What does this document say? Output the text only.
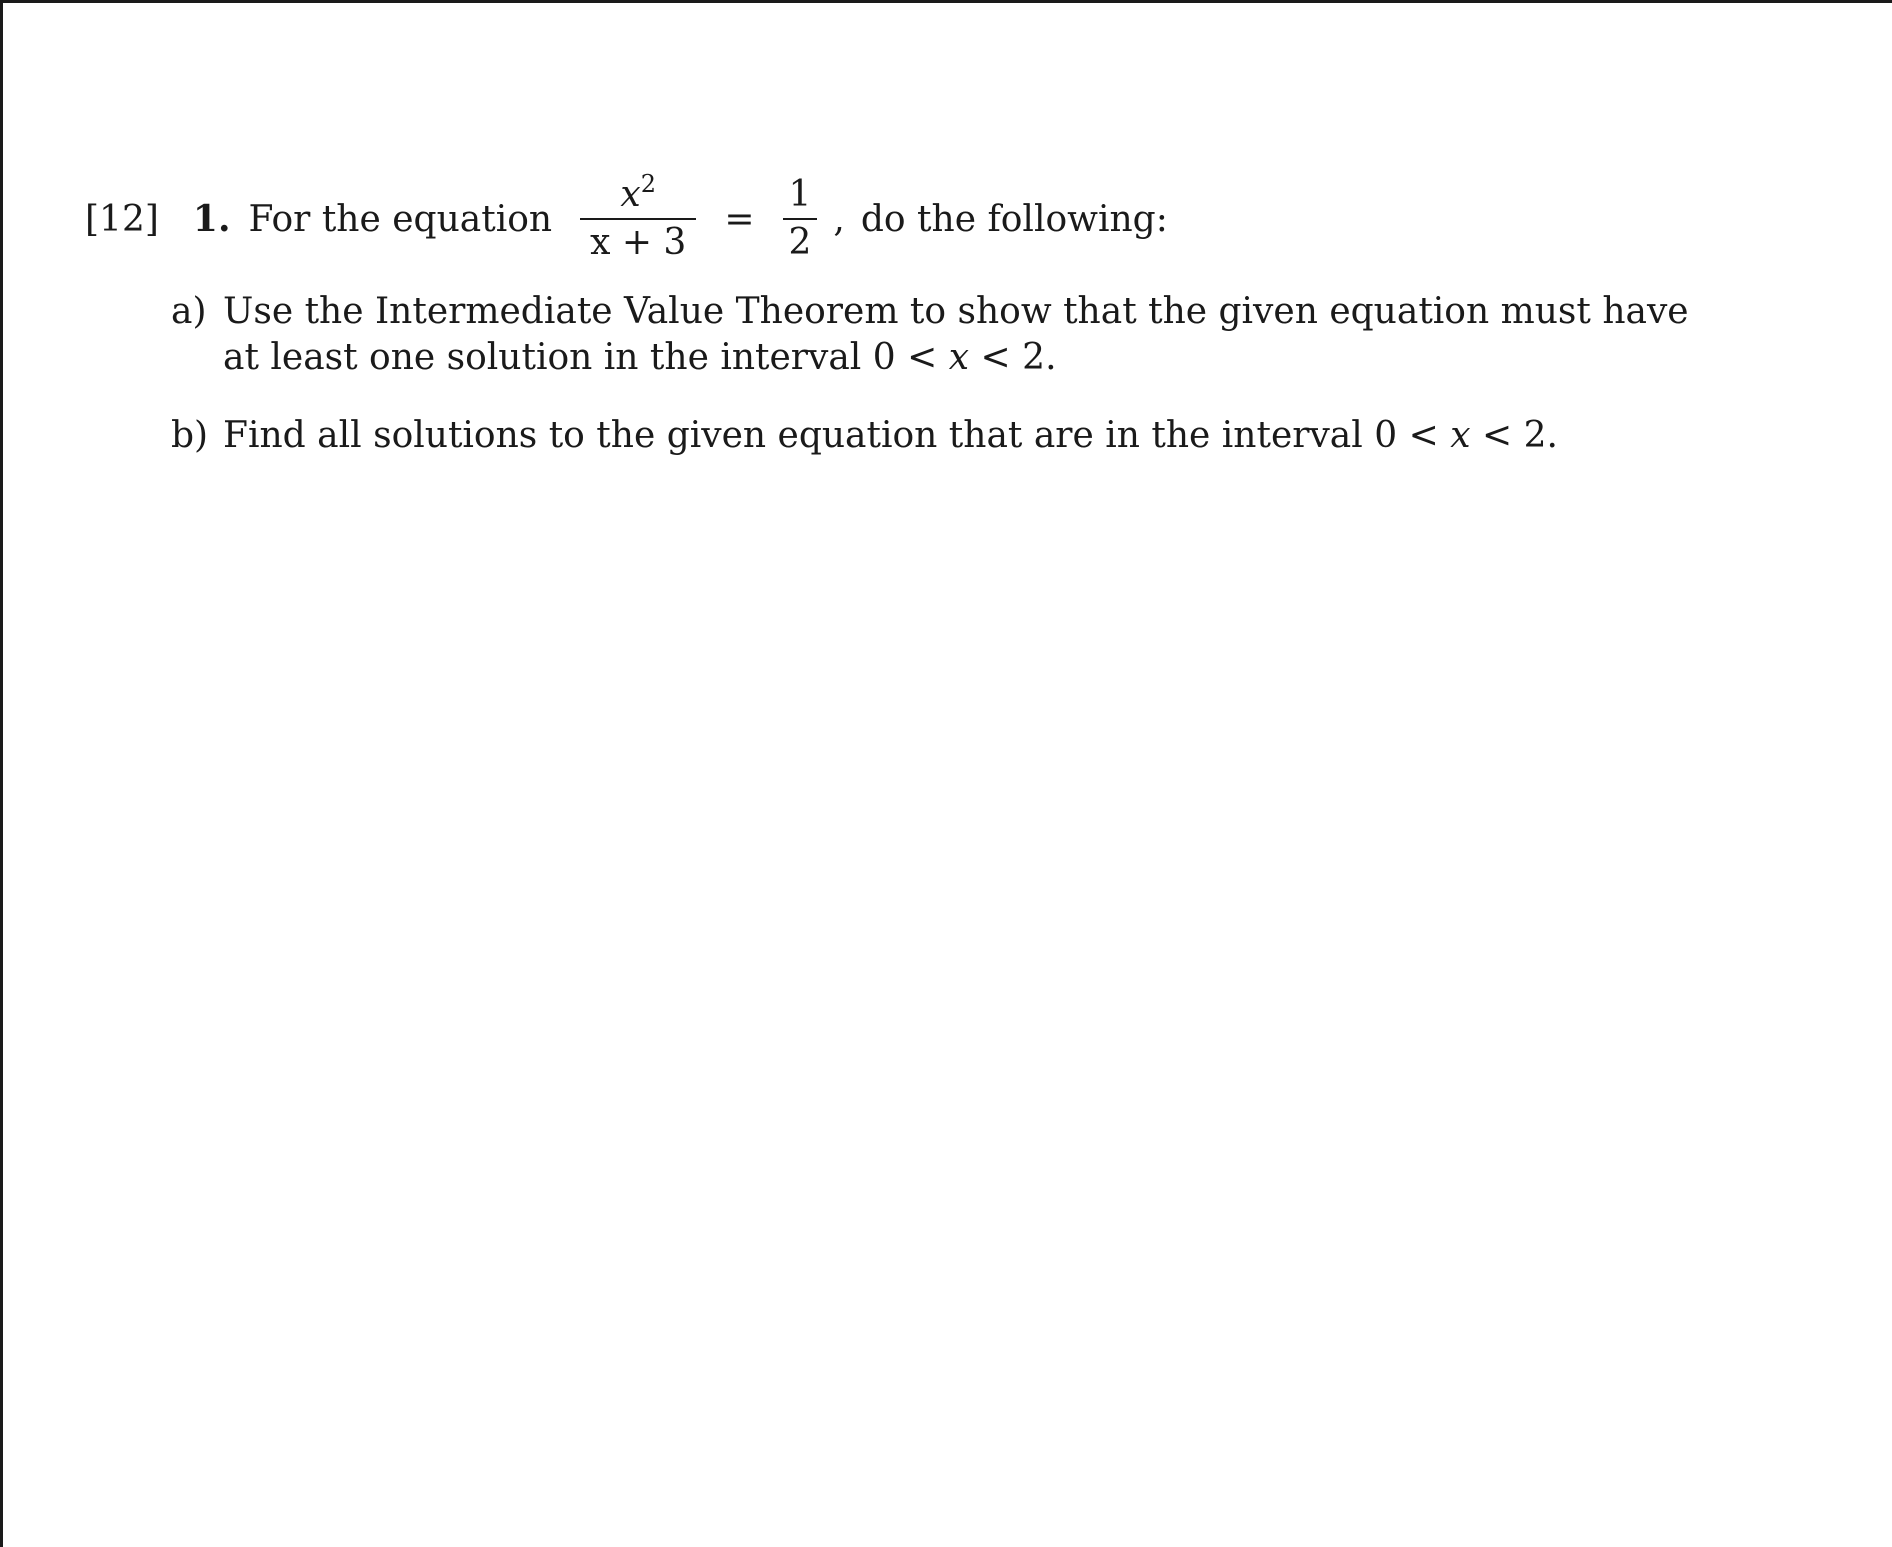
[12] 1. For the equation $\frac{x^2}{x + 3} = \frac{1}{2}$ , do the following:
a) Use the Intermediate Value Theorem to show that the given equation must have at least one solution in the interval 0 < x < 2.
b) Find all solutions to the given equation that are in the interval 0 < x < 2.
